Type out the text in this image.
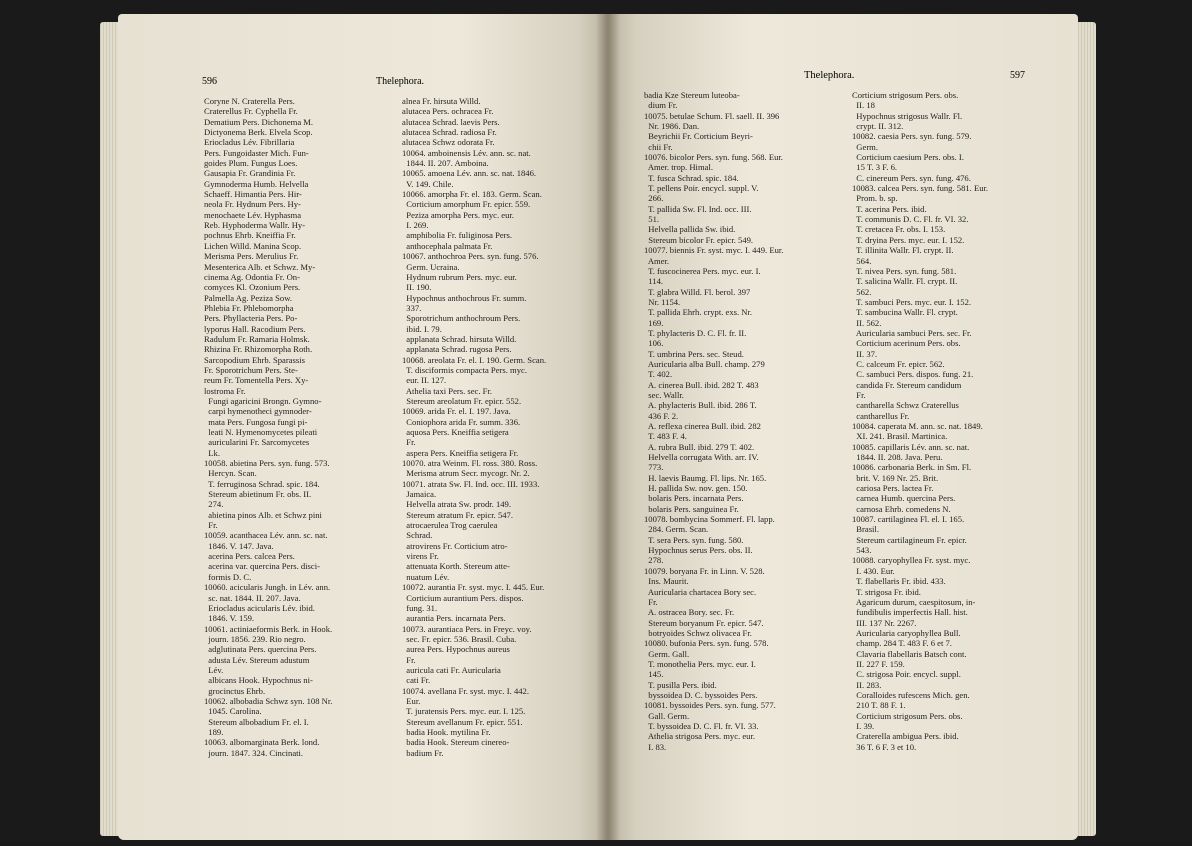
596	Thelephora.
Coryne N. Craterella Pers.
Craterellus Fr. Cyphella Fr.
Dematium Pers. Dichonema M.
Dictyonema Berk. Elvela Scop.
Eriocladus Lév. Fibrillaria
Pers. Fungoidaster Mich. Fun-
goides Plum. Fungus Loes.
Gausapia Fr. Grandinia Fr.
Gymnoderma Humb. Helvella
Schaeff. Himantia Pers. Hir-
neola Fr. Hydnum Pers. Hy-
menochaete Lév. Hyphasma
Reb. Hyphoderma Wallr. Hy-
pochnus Ehrb. Kneiffia Fr.
Lichen Willd. Manina Scop.
Merisma Pers. Merulius Fr.
Mesenterica Alb. et Schwz. My-
cinema Ag. Odontia Fr. On-
comyces Kl. Ozonium Pers.
Palmella Ag. Peziza Sow.
Phlebia Fr. Phlebomorpha
Pers. Phyllacteria Pers. Po-
lyporus Hall. Racodium Pers.
Radulum Fr. Ramaria Holmsk.
Rhizina Fr. Rhizomorpha Roth.
Sarcopodium Ehrb. Sparassis
Fr. Sporotrichum Pers. Ste-
reum Fr. Tomentella Pers. Xy-
lostroma Fr.
Fungi agaricini Brongn. Gymno-
carpi hymenotheci gymnoder-
mata Pers. Fungosa fungi pi-
leati N. Hymenomycetes pileati
auricularini Fr. Sarcomycetes
Lk.
10058. abietina Pers. syn. fung. 573.
Hercyn. Scan.
T. ferruginosa Schrad. spic. 184.
Stereum abietinum Fr. obs. II.
274.
abietina pinos Alb. et Schwz pini
Fr.
10059. acanthacea Lév. ann. sc. nat.
1846. V. 147. Java.
acerina Pers. calcea Pers.
acerina var. quercina Pers. disci-
formis D. C.
10060. acicularis Jungh. in Lév. ann.
sc. nat. 1844. II. 207. Java.
Eriocladus acicularis Lév. ibid.
1846. V. 159.
10061. actiniaeformis Berk. in Hook.
journ. 1856. 239. Rio negro.
adglutinata Pers. quercina Pers.
adusta Lév. Stereum adustum
Lév.
albicans Hook. Hypochnus ni-
grocinctus Ehrb.
10062. albobadia Schwz syn. 108 Nr.
1045. Carolina.
Stereum albobadium Fr. el. I.
189.
10063. albomarginata Berk. lond.
journ. 1847. 324. Cincinati.
alnea Fr. hirsuta Willd.
alutacea Pers. ochracea Fr.
alutacea Schrad. laevis Pers.
alutacea Schrad. radiosa Fr.
alutacea Schwz odorata Fr.
10064. amboinensis Lév. ann. sc. nat.
1844. II. 207. Amboina.
10065. amoena Lév. ann. sc. nat. 1846.
V. 149. Chile.
10066. amorpha Fr. el. 183. Germ. Scan.
Corticium amorphum Fr. epicr. 559.
Peziza amorpha Pers. myc. eur.
I. 269.
amphibolia Fr. fuliginosa Pers.
anthocephala palmata Fr.
10067. anthochroa Pers. syn. fung. 576.
Germ. Ucraina.
Hydnum rubrum Pers. myc. eur.
II. 190.
Hypochnus anthochrous Fr. summ.
337.
Sporotrichum anthochroum Pers.
ibid. I. 79.
applanata Schrad. hirsuta Willd.
applanata Schrad. rugosa Pers.
10068. areolata Fr. el. I. 190. Germ. Scan.
T. disciformis compacta Pers. myc.
eur. II. 127.
Athelia taxi Pers. sec. Fr.
Stereum areolatum Fr. epicr. 552.
10069. arida Fr. el. I. 197. Java.
Coniophora arida Fr. summ. 336.
aquosa Pers. Kneiffia setigera
Fr.
aspera Pers. Kneiffia setigera Fr.
10070. atra Weinm. Fl. ross. 380. Ross.
Merisma atrum Secr. mycogr. Nr. 2.
10071. atrata Sw. Fl. Ind. occ. III. 1933.
Jamaica.
Helvella atrata Sw. prodr. 149.
Stereum atratum Fr. epicr. 547.
atrocaerulea Trog caerulea
Schrad.
atrovirens Fr. Corticium atro-
virens Fr.
attenuata Korth. Stereum atte-
nuatum Lév.
10072. aurantia Fr. syst. myc. I. 445. Eur.
Corticium aurantium Pers. dispos.
fung. 31.
aurantia Pers. incarnata Pers.
10073. aurantiaca Pers. in Freyc. voy.
sec. Fr. epicr. 536. Brasil. Cuba.
aurea Pers. Hypochnus aureus
Fr.
auricula cati Fr. Auricularia
cati Fr.
10074. avellana Fr. syst. myc. I. 442.
Eur.
T. juratensis Pers. myc. eur. I. 125.
Stereum avellanum Fr. epicr. 551.
badia Hook. mytilina Fr.
badia Hook. Stereum cinereo-
badium Fr.
Thelephora.	597
badia Kze Stereum luteoba-
dium Fr.
10075. betulae Schum. Fl. saell. II. 396
Nr. 1986. Dan.
Beyrichii Fr. Corticium Beyri-
chii Fr.
10076. bicolor Pers. syn. fung. 568. Eur.
Amer. trop. Himal.
T. fusca Schrad. spic. 184.
T. pellens Poir. encycl. suppl. V.
266.
T. pallida Sw. Fl. Ind. occ. III.
51.
Helvella pallida Sw. ibid.
Stereum bicolor Fr. epicr. 549.
10077. biennis Fr. syst. myc. I. 449. Eur.
Amer.
T. fuscocinerea Pers. myc. eur. I.
114.
T. glabra Willd. Fl. berol. 397
Nr. 1154.
T. pallida Ehrh. crypt. exs. Nr.
169.
T. phylacteris D. C. Fl. fr. II.
106.
T. umbrina Pers. sec. Steud.
Auricularia alba Bull. champ. 279
T. 402.
A. cinerea Bull. ibid. 282 T. 483
sec. Wallr.
A. phylacteris Bull. ibid. 286 T.
436 F. 2.
A. reflexa cinerea Bull. ibid. 282
T. 483 F. 4.
A. rubra Bull. ibid. 279 T. 402.
Helvella corrugata With. arr. IV.
773.
H. laevis Baumg. Fl. lips. Nr. 165.
H. pallida Sw. nov. gen. 150.
bolaris Pers. incarnata Pers.
bolaris Pers. sanguinea Fr.
10078. bombycina Sommerf. Fl. lapp.
284. Germ. Scan.
T. sera Pers. syn. fung. 580.
Hypochnus serus Pers. obs. II.
278.
10079. boryana Fr. in Linn. V. 528.
Ins. Maurit.
Auricularia chartacea Bory sec.
Fr.
A. ostracea Bory. sec. Fr.
Stereum boryanum Fr. epicr. 547.
botryoides Schwz olivacea Fr.
10080. bufonia Pers. syn. fung. 578.
Germ. Gall.
T. monothelia Pers. myc. eur. I.
145.
T. pusilla Pers. ibid.
byssoidea D. C. byssoides Pers.
10081. byssoides Pers. syn. fung. 577.
Gall. Germ.
T. byssoidea D. C. Fl. fr. VI. 33.
Athelia strigosa Pers. myc. eur.
I. 83.
Corticium strigosum Pers. obs.
II. 18
Hypochnus strigosus Wallr. Fl.
crypt. II. 312.
10082. caesia Pers. syn. fung. 579.
Germ.
Corticium caesium Pers. obs. I.
15 T. 3 F. 6.
C. cinereum Pers. syn. fung. 476.
10083. calcea Pers. syn. fung. 581. Eur.
Prom. b. sp.
T. acerina Pers. ibid.
T. communis D. C. Fl. fr. VI. 32.
T. cretacea Fr. obs. I. 153.
T. dryina Pers. myc. eur. I. 152.
T. illinita Wallr. Fl. crypt. II.
564.
T. nivea Pers. syn. fung. 581.
T. salicina Wallr. Fl. crypt. II.
562.
T. sambuci Pers. myc. eur. I. 152.
T. sambucina Wallr. Fl. crypt.
II. 562.
Auricularia sambuci Pers. sec. Fr.
Corticium acerinum Pers. obs.
II. 37.
C. calceum Fr. epicr. 562.
C. sambuci Pers. dispos. fung. 21.
candida Fr. Stereum candidum
Fr.
cantharella Schwz Craterellus
cantharellus Fr.
10084. caperata M. ann. sc. nat. 1849.
XI. 241. Brasil. Martinica.
10085. capillaris Lév. ann. sc. nat.
1844. II. 208. Java. Peru.
10086. carbonaria Berk. in Sm. Fl.
brit. V. 169 Nr. 25. Brit.
cariosa Pers. lactea Fr.
carnea Humb. quercina Pers.
carnosa Ehrb. comedens N.
10087. cartilaginea Fl. el. I. 165.
Brasil.
Stereum cartilagineum Fr. epicr.
543.
10088. caryophyllea Fr. syst. myc.
I. 430. Eur.
T. flabellaris Fr. ibid. 433.
T. strigosa Fr. ibid.
Agaricum durum, caespitosum, in-
fundibulis imperfectis Hall. hist.
III. 137 Nr. 2267.
Auricularia caryophyllea Bull.
champ. 284 T. 483 F. 6 et 7.
Clavaria flabellaris Batsch cont.
II. 227 F. 159.
C. strigosa Poir. encycl. suppl.
II. 283.
Coralloides rufescens Mich. gen.
210 T. 88 F. 1.
Corticium strigosum Pers. obs.
I. 39.
Craterella ambigua Pers. ibid.
36 T. 6 F. 3 et 10.
